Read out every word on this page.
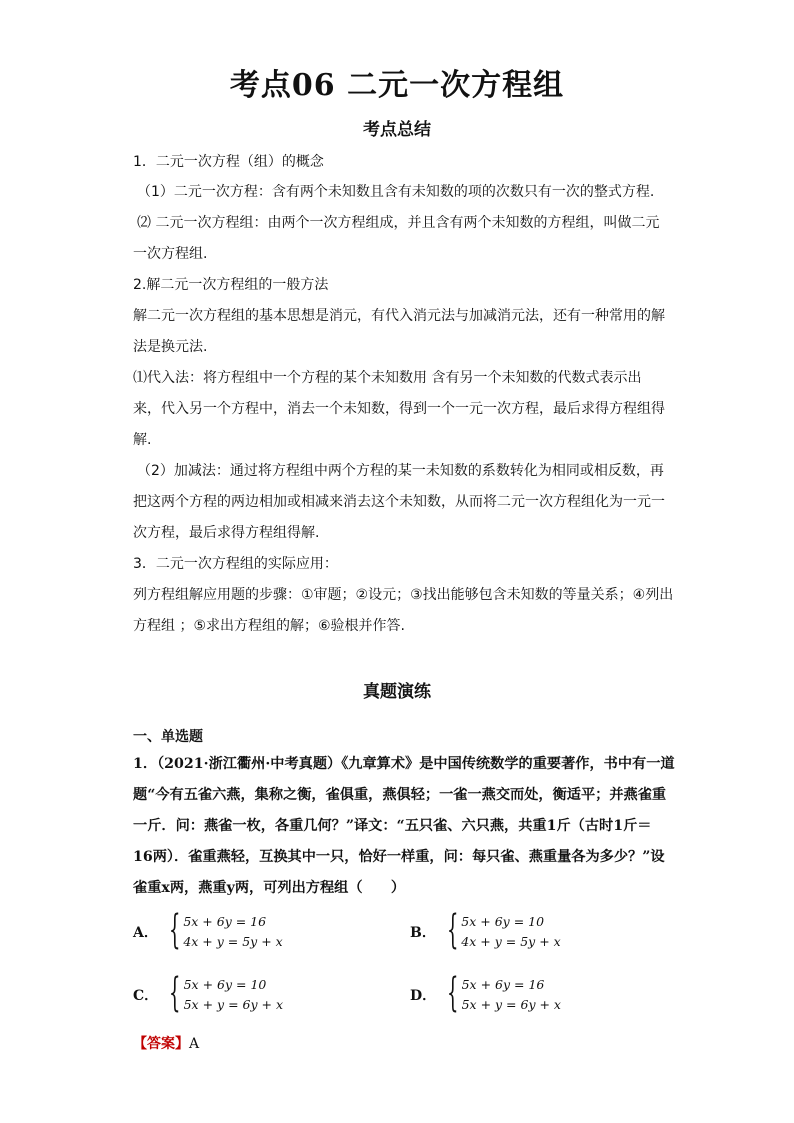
考点06 二元一次方程组
考点总结
1．二元一次方程（组）的概念
（1）二元一次方程：含有两个未知数且含有未知数的项的次数只有一次的整式方程.
⑵ 二元一次方程组：由两个一次方程组成，并且含有两个未知数的方程组，叫做二元
一次方程组.
2.解二元一次方程组的一般方法
解二元一次方程组的基本思想是消元，有代入消元法与加减消元法，还有一种常用的解
法是换元法.
⑴代入法：将方程组中一个方程的某个未知数用 含有另一个未知数的代数式表示出
来，代入另一个方程中，消去一个未知数，得到一个一元一次方程，最后求得方程组得
解.
（2）加减法：通过将方程组中两个方程的某一未知数的系数转化为相同或相反数，再
把这两个方程的两边相加或相减来消去这个未知数，从而将二元一次方程组化为一元一
次方程，最后求得方程组得解.
3．二元一次方程组的实际应用：
列方程组解应用题的步骤：①审题；②设元；③找出能够包含未知数的等量关系；④列出
方程组 ；⑤求出方程组的解；⑥验根并作答.
真题演练
一、单选题
1．（2021·浙江衢州·中考真题）《九章算术》是中国传统数学的重要著作，书中有一道
题“今有五雀六燕，集称之衡，雀俱重，燕俱轻；一雀一燕交而处，衡适平；并燕雀重
一斤．问：燕雀一枚，各重几何？”译文：“五只雀、六只燕，共重1斤（古时1斤＝
16两）．雀重燕轻，互换其中一只，恰好一样重，问：每只雀、燕重量各为多少？”设
雀重x两，燕重y两，可列出方程组（　　）
A． { 5x + 6y = 16
4x + y = 5y + x
B． { 5x + 6y = 10
4x + y = 5y + x
C． { 5x + 6y = 10
5x + y = 6y + x
D． { 5x + 6y = 16
5x + y = 6y + x
【答案】A
